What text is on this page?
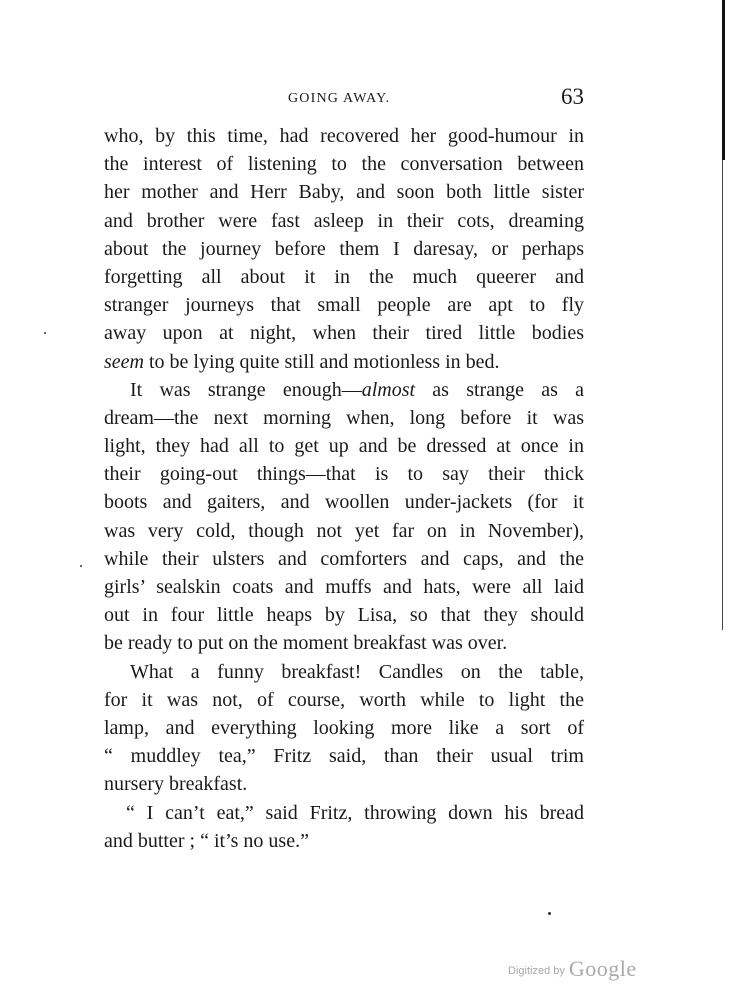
GOING AWAY.	63
who, by this time, had recovered her good-humour in
the interest of listening to the conversation between
her mother and Herr Baby, and soon both little sister
and brother were fast asleep in their cots, dreaming
about the journey before them I daresay, or perhaps
forgetting all about it in the much queerer and
stranger journeys that small people are apt to fly
away upon at night, when their tired little bodies
seem to be lying quite still and motionless in bed.
It was strange enough—almost as strange as a
dream—the next morning when, long before it was
light, they had all to get up and be dressed at once in
their going-out things—that is to say their thick
boots and gaiters, and woollen under-jackets (for it
was very cold, though not yet far on in November),
while their ulsters and comforters and caps, and the
girls’ sealskin coats and muffs and hats, were all laid
out in four little heaps by Lisa, so that they should
be ready to put on the moment breakfast was over.
What a funny breakfast! Candles on the table,
for it was not, of course, worth while to light the
lamp, and everything looking more like a sort of
“ muddley tea,” Fritz said, than their usual trim
nursery breakfast.
“ I can’t eat,” said Fritz, throwing down his bread
and butter ; “ it’s no use.”
Digitized by Google
